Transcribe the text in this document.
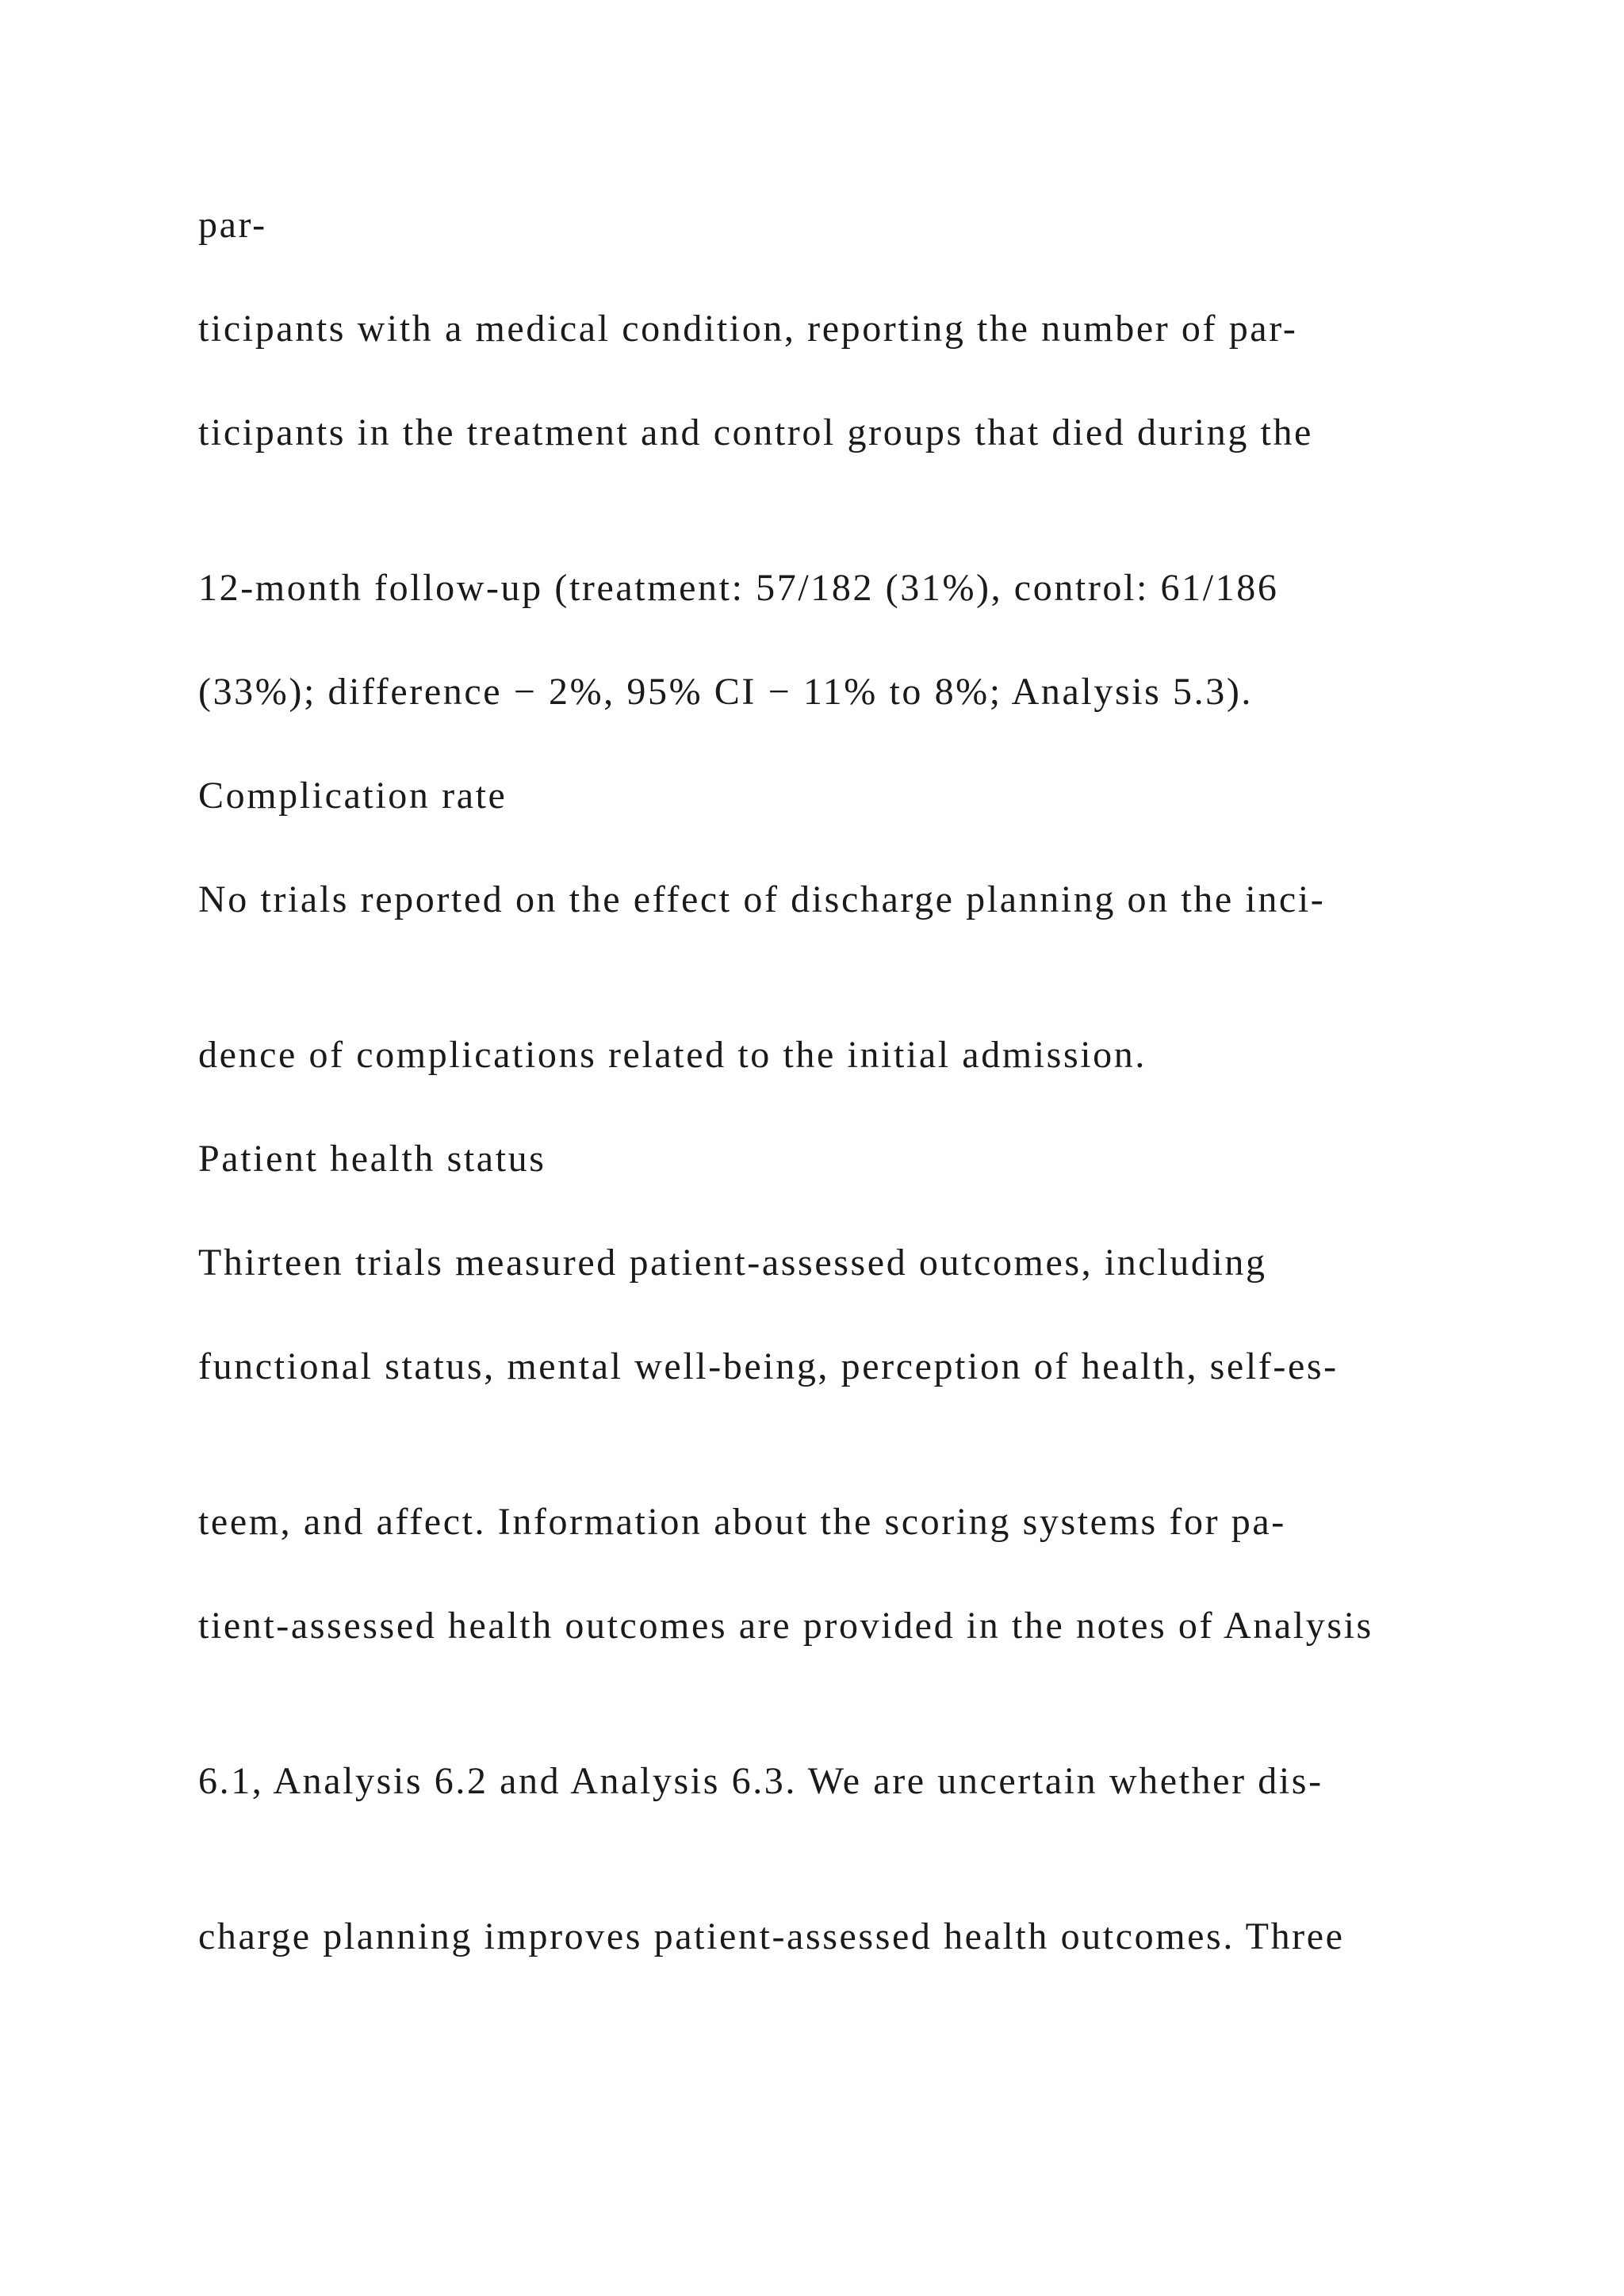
par-

ticipants with a medical condition, reporting the number of par-

ticipants in the treatment and control groups that died during the

12-month follow-up (treatment: 57/182 (31%), control: 61/186

(33%); difference − 2%, 95% CI − 11% to 8%; Analysis 5.3).

Complication rate

No trials reported on the effect of discharge planning on the inci-

dence of complications related to the initial admission.

Patient health status

Thirteen trials measured patient-assessed outcomes, including

functional status, mental well-being, perception of health, self-es-

teem, and affect. Information about the scoring systems for pa-

tient-assessed health outcomes are provided in the notes of Analysis

6.1, Analysis 6.2 and Analysis 6.3. We are uncertain whether dis-

charge planning improves patient-assessed health outcomes. Three
